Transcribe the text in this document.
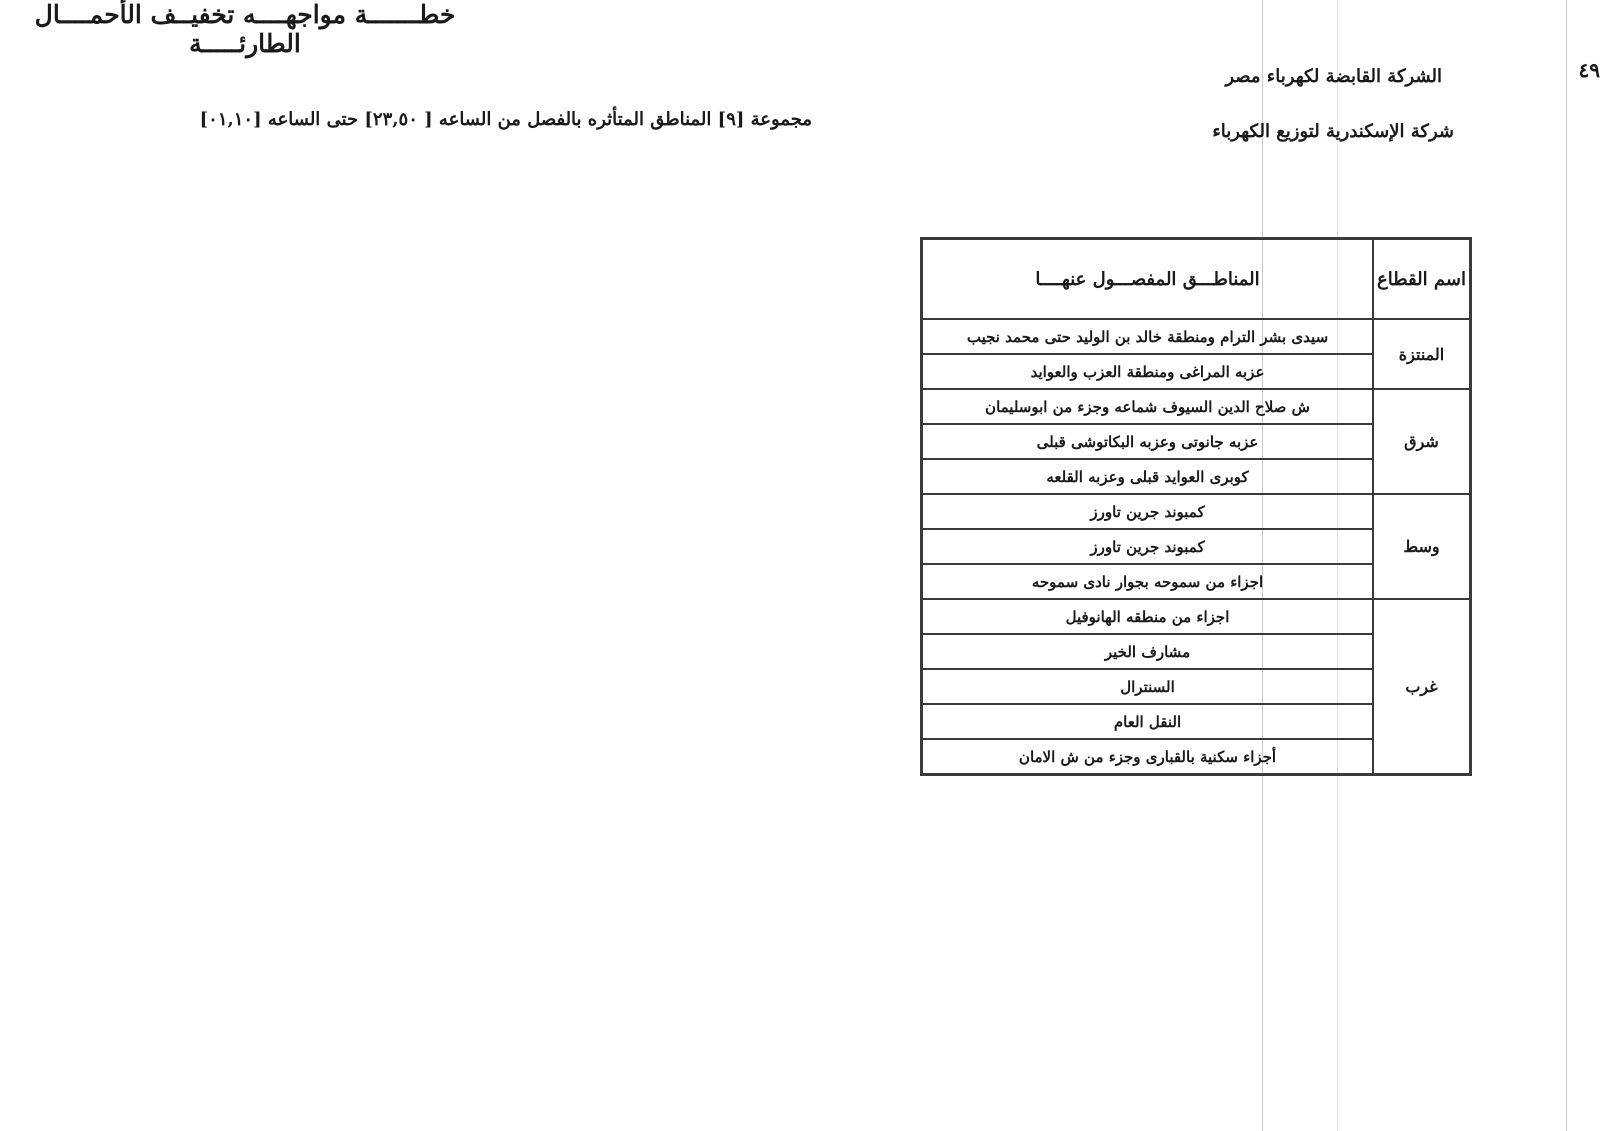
الشركة القابضة لكهرباء مصر
شركة الإسكندرية لتوزيع الكهرباء
مجموعة [٩] المناطق المتأثره بالفصل من الساعه [ ٢٣,٥٠] حتى الساعه [٠١,١٠]
خطـــــــة مواجهــــه تخفيــف الأحمــــال الطارئـــــة
اسم القطاع	المناطـــق المفصـــول عنهــــا
المنتزة	سيدى بشر الترام ومنطقة خالد بن الوليد حتى محمد نجيب
	عزبه المراغى ومنطقة العزب والعوايد
شرق	ش صلاح الدين السيوف شماعه وجزء من ابوسليمان
	عزبه جانوتى وعزبه البكاتوشى قبلى
	كوبرى العوايد قبلى وعزبه القلعه
وسط	كمبوند جرين تاورز
	كمبوند جرين تاورز
	اجزاء من سموحه بجوار نادى سموحه
غرب	اجزاء من منطقه الهانوفيل
	مشارف الخير
	السنترال
	النقل العام
	أجزاء سكنية بالقبارى وجزء من ش الامان
٤٩
